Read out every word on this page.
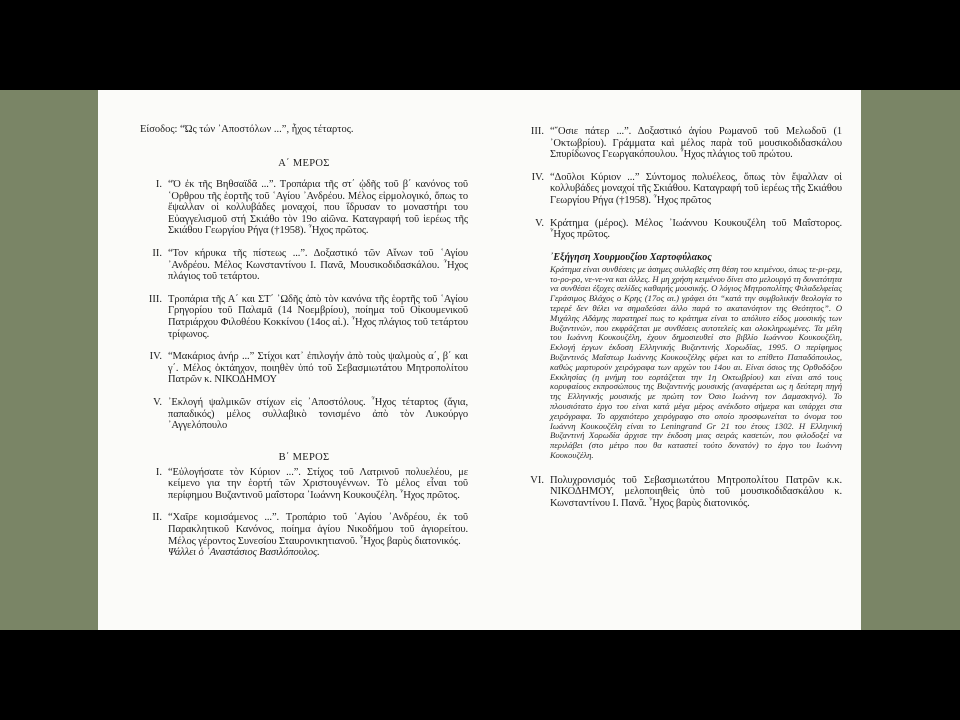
Είσοδος: “Ώς τών ᾽Αποστόλων ...”, ἦχος τέταρτος.
Α΄ ΜΕΡΟΣ
I. “Ὁ ἐκ τῆς Βηθσαϊδᾶ ...”. Τροπάρια τῆς στ΄ ᾠδῆς τοῦ β΄ κανόνος τοῦ ῾Ορθρου τῆς ἑορτῆς τοῦ ῾Αγίου ᾽Ανδρέου. Μέλος εἱρμολογικό, ὅπως το ἔψαλλαν οἱ κολλυβάδες μοναχοί, που ἵδρυσαν το μοναστήρι του Εὐαγγελισμοῦ στή Σκιάθο τὸν 19ο αἰῶνα. Καταγραφή τοῦ ἱερέως τῆς Σκιάθου Γεωργίου Ρήγα (†1958). ῏Ηχος πρῶτος.
II. “Τον κήρυκα τῆς πίστεως ...”. Δοξαστικό τῶν Αἴνων τοῦ ῾Αγίου ᾽Ανδρέου. Μέλος Κωνσταντίνου Ι. Πανᾶ, Μουσικοδιδασκάλου. ῏Ηχος πλάγιος τοῦ τετάρτου.
III. Τροπάρια τῆς Α΄ και ΣΤ΄ ᾽Ωδῆς ἀπὸ τὸν κανόνα τῆς ἑορτῆς τοῦ ῾Αγίου Γρηγορίου τοῦ Παλαμᾶ (14 Νοεμβρίου), ποίημα τοῦ Οἰκουμενικοῦ Πατριάρχου Φιλοθέου Κοκκίνου (14ος αἰ.). ῏Ηχος πλάγιος τοῦ τετάρτου τρίφωνος.
IV. “Μακάριος ἀνήρ ...” Στίχοι κατ᾽ ἐπιλογήν ἀπὸ τοὺς ψαλμοὺς α΄, β΄ και γ΄. Μέλος ὀκτάηχον, ποιηθὲν ὑπό τοῦ Σεβασμιωτάτου Μητροπολίτου Πατρῶν κ. ΝΙΚΟΔΗΜΟΥ
V. ᾽Εκλογή ψαλμικῶν στίχων εἰς ᾽Αποστόλους. ῏Ηχος τέταρτος (ἅγια, παπαδικός) μέλος συλλαβικὸ τονισμένο ἀπὸ τὸν Λυκούργο ᾽Αγγελόπουλο
Β΄ ΜΕΡΟΣ
I. “Εὐλογήσατε τὸν Κύριον ...”. Στίχος τοῦ Λατρινοῦ πολυελέου, με κείμενο για την ἑορτή τῶν Χριστουγέννων. Τὸ μέλος εἶναι τοῦ περίφημου Βυζαντινοῦ μαΐστορα ᾽Ιωάννη Κουκουζέλη. ῏Ηχος πρῶτος.
II. “Χαῖρε κομισάμενος ...”. Τροπάριο τοῦ ῾Αγίου ᾽Ανδρέου, ἐκ τοῦ Παρακλητικοῦ Κανόνος, ποίημα ἁγίου Νικοδήμου τοῦ ἁγιορείτου. Μέλος γέροντος Συνεσίου Σταυρονικητιανοῦ. ῏Ηχος βαρὺς διατονικός.
Ψάλλει ὁ ᾽Αναστάσιος Βασιλόπουλος.
III. “῎Οσιε πάτερ ...”. Δοξαστικό ἁγίου Ρωμανοῦ τοῦ Μελωδοῦ (1 ᾽Οκτωβρίου). Γράμματα καὶ μέλος παρὰ τοῦ μουσικοδιδασκάλου Σπυρίδωνος Γεωργακόπουλου. ῏Ηχος πλάγιος τοῦ πρώτου.
IV. “Δοῦλοι Κύριον ...” Σύντομος πολυέλεος, ὅπως τὸν ἔψαλλαν οἱ κολλυβάδες μοναχοί τῆς Σκιάθου. Καταγραφή τοῦ ἱερέως τῆς Σκιάθου Γεωργίου Ρήγα (†1958). ῏Ηχος πρῶτος
V. Κράτημα (μέρος). Μέλος ᾽Ιωάννου Κουκουζέλη τοῦ Μαΐστορος. ῏Ηχος πρῶτος.
᾽Εξήγηση Χουρμουζίου Χαρτοφύλακος
Κράτημα είναι συνθέσεις με άσημες συλλαβές στη θέση του κειμένου, όπως τε-ρι-ρεμ, το-ρο-ρο, νε-νε-να και άλλες. Η μη χρήση κειμένου δίνει στο μελουργό τη δυνατότητα να συνθέσει έξοχες σελίδες καθαρής μουσικής. Ο λόγιος Μητροπολίτης Φιλαδελφείας Γεράσιμος Βλάχος ο Κρης (17ος αι.) γράφει ότι “κατά την συμβολικήν θεολογία το τερερέ δεν θέλει να σημαδεύσει άλλο παρά το ακατανόητον της Θεότητος”. Ο Μιχάλης Αδάμης παρατηρεί πως το κράτημα είναι το απόλυτο είδος μουσικής των Βυζαντινών, που εκφράζεται με συνθέσεις αυτοτελείς και ολοκληρωμένες. Τα μέλη του Ιωάννη Κουκουζέλη, έχουν δημοσιευθεί στο βιβλίο Ιωάννου Κουκουζέλη, Εκλογή έργων έκδοση Ελληνικής Βυζαντινής Χορωδίας, 1995. Ο περίφημος Βυζαντινός Μαΐστωρ Ιωάννης Κουκουζέλης φέρει και το επίθετο Παπαδόπουλος, καθώς μαρτυρούν χειρόγραφα των αρχών του 14ου αι. Είναι όσιος της Ορθοδόξου Εκκλησίας (η μνήμη του εορτάζεται την 1η Οκτωβρίου) και είναι από τους κορυφαίους εκπροσώπους της Βυζαντινής μουσικής (αναφέρεται ως η δεύτερη πηγή της Ελληνικής μουσικής με πρώτη τον Όσιο Ιωάννη τον Δαμασκηνό). Το πλουσιότατο έργο του είναι κατά μέγα μέρος ανέκδοτο σήμερα και υπάρχει στα χειρόγραφα. Το αρχαιότερο χειρόγραφο στο οποίο προσφωνείται το όνομα του Ιωάννη Κουκουζέλη είναι το Leningrand Gr 21 του έτους 1302. Η Ελληνική Βυζαντινή Χορωδία άρχισε την έκδοση μιας σειράς κασετών, που φιλοδοξεί να περιλάβει (στο μέτρο που θα καταστεί τούτο δυνατόν) το έργο του Ιωάννη Κουκουζέλη.
VI. Πολυχρονισμός τοῦ Σεβασμιωτάτου Μητροπολίτου Πατρῶν κ.κ. ΝΙΚΟΔΗΜΟΥ, μελοποιηθεὶς ὑπὸ τοῦ μουσικοδιδασκάλου κ. Κωνσταντίνου Ι. Πανᾶ. ῏Ηχος βαρὺς διατονικός.
